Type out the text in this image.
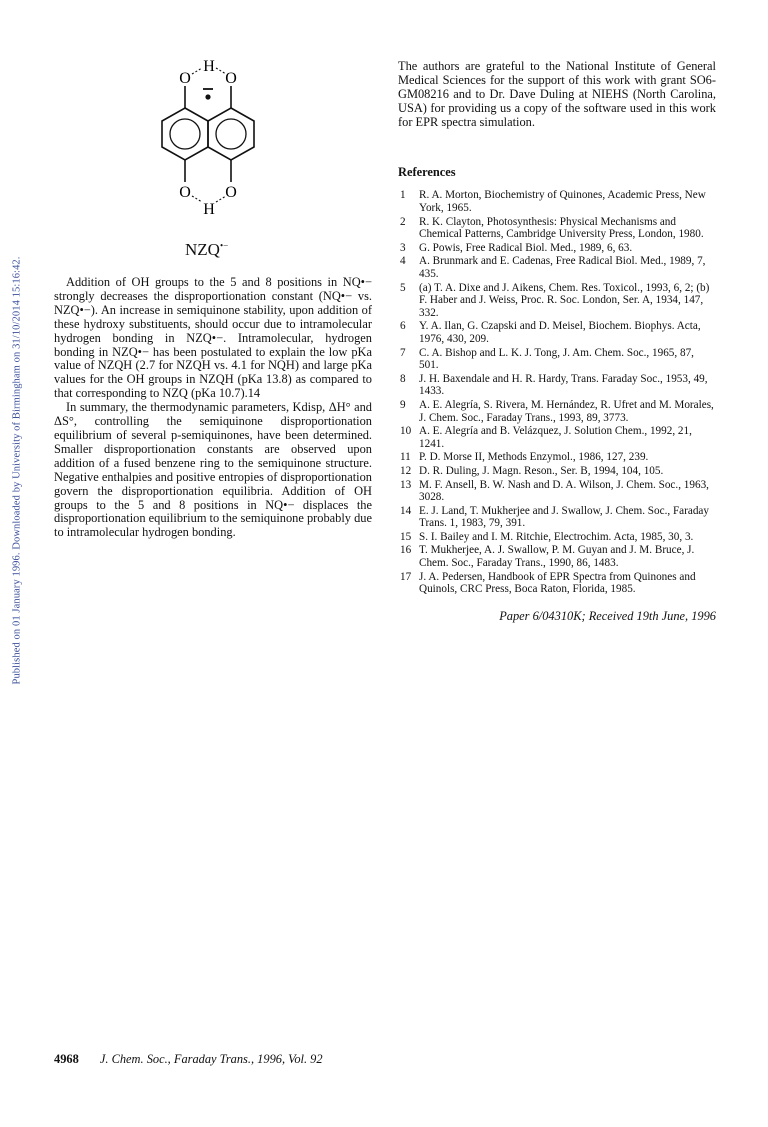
Published on 01 January 1996. Downloaded by University of Birmingham on 31/10/2014 15:16:42.
O O
H
O O
H
NZQ•−

Addition of OH groups to the 5 and 8 positions in NQ•− strongly decreases the disproportionation constant (NQ•− vs. NZQ•−). An increase in semiquinone stability, upon addition of these hydroxy substituents, should occur due to intramolecular hydrogen bonding in NZQ•−. Intramolecular, hydrogen bonding in NZQ•− has been postulated to explain the low pKa value of NZQH (2.7 for NZQH vs. 4.1 for NQH) and large pKa values for the OH groups in NZQH (pKa 13.8) as compared to that corresponding to NZQ (pKa 10.7).14

In summary, the thermodynamic parameters, Kdisp, ΔH° and ΔS°, controlling the semiquinone disproportionation equilibrium of several p-semiquinones, have been determined. Smaller disproportionation constants are observed upon addition of a fused benzene ring to the semiquinone structure. Negative enthalpies and positive entropies of disproportionation govern the disproportionation equilibria. Addition of OH groups to the 5 and 8 positions in NQ•− displaces the disproportionation equilibrium to the semiquinone probably due to intramolecular hydrogen bonding.

The authors are grateful to the National Institute of General Medical Sciences for the support of this work with grant SO6-GM08216 and to Dr. Dave Duling at NIEHS (North Carolina, USA) for providing us a copy of the software used in this work for EPR spectra simulation.

References
1	R. A. Morton, Biochemistry of Quinones, Academic Press, New York, 1965.
2	R. K. Clayton, Photosynthesis: Physical Mechanisms and Chemical Patterns, Cambridge University Press, London, 1980.
3	G. Powis, Free Radical Biol. Med., 1989, 6, 63.
4	A. Brunmark and E. Cadenas, Free Radical Biol. Med., 1989, 7, 435.
5	(a) T. A. Dixe and J. Aikens, Chem. Res. Toxicol., 1993, 6, 2; (b) F. Haber and J. Weiss, Proc. R. Soc. London, Ser. A, 1934, 147, 332.
6	Y. A. Ilan, G. Czapski and D. Meisel, Biochem. Biophys. Acta, 1976, 430, 209.
7	C. A. Bishop and L. K. J. Tong, J. Am. Chem. Soc., 1965, 87, 501.
8	J. H. Baxendale and H. R. Hardy, Trans. Faraday Soc., 1953, 49, 1433.
9	A. E. Alegría, S. Rivera, M. Hernández, R. Ufret and M. Morales, J. Chem. Soc., Faraday Trans., 1993, 89, 3773.
10 A. E. Alegría and B. Velázquez, J. Solution Chem., 1992, 21, 1241.
11 P. D. Morse II, Methods Enzymol., 1986, 127, 239.
12 D. R. Duling, J. Magn. Reson., Ser. B, 1994, 104, 105.
13 M. F. Ansell, B. W. Nash and D. A. Wilson, J. Chem. Soc., 1963, 3028.
14 E. J. Land, T. Mukherjee and J. Swallow, J. Chem. Soc., Faraday Trans. 1, 1983, 79, 391.
15 S. I. Bailey and I. M. Ritchie, Electrochim. Acta, 1985, 30, 3.
16 T. Mukherjee, A. J. Swallow, P. M. Guyan and J. M. Bruce, J. Chem. Soc., Faraday Trans., 1990, 86, 1483.
17 J. A. Pedersen, Handbook of EPR Spectra from Quinones and Quinols, CRC Press, Boca Raton, Florida, 1985.
Paper 6/04310K; Received 19th June, 1996
4968 J. Chem. Soc., Faraday Trans., 1996, Vol. 92
